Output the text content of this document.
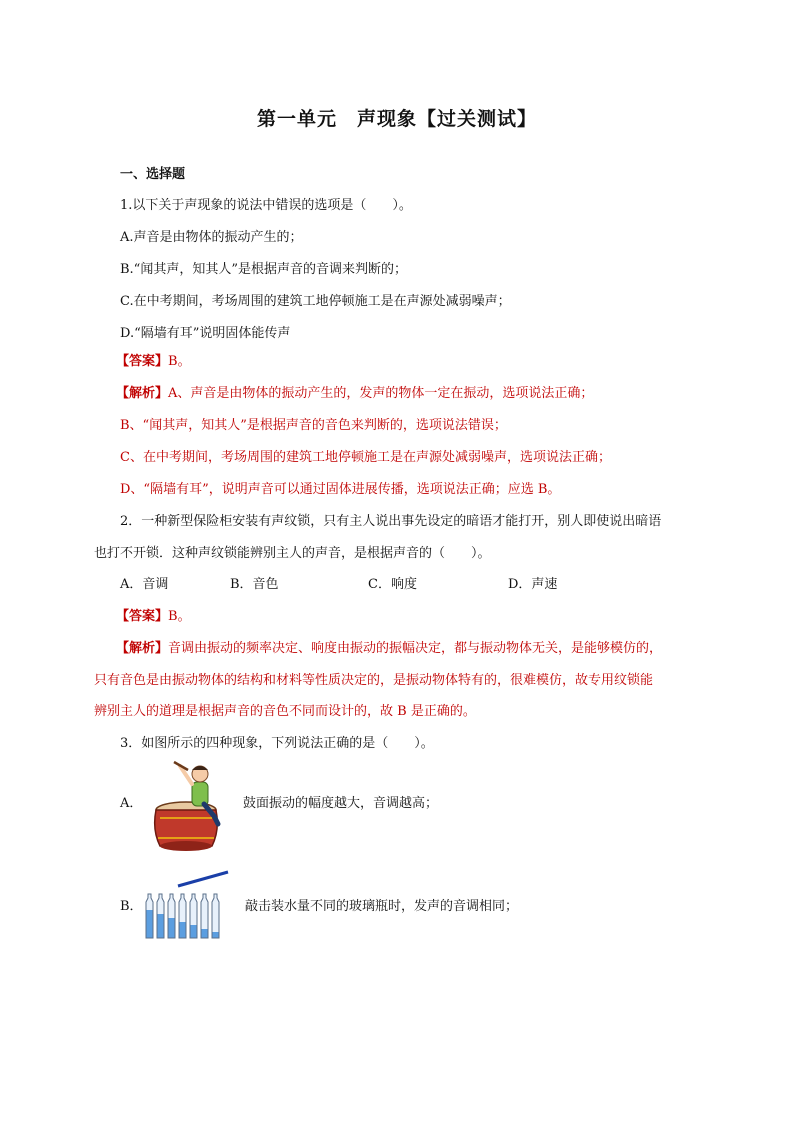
第一单元　声现象【过关测试】
一、选择题
1.以下关于声现象的说法中错误的选项是（　　）。
A.声音是由物体的振动产生的；
B.“闻其声，知其人”是根据声音的音调来判断的；
C.在中考期间，考场周围的建筑工地停顿施工是在声源处减弱噪声；
D.“隔墙有耳”说明固体能传声
【答案】B。
【解析】A、声音是由物体的振动产生的，发声的物体一定在振动，选项说法正确；
B、“闻其声，知其人”是根据声音的音色来判断的，选项说法错误；
C、在中考期间，考场周围的建筑工地停顿施工是在声源处减弱噪声，选项说法正确；
D、“隔墙有耳”，说明声音可以通过固体进展传播，选项说法正确；应选 B。
2．一种新型保险柜安装有声纹锁，只有主人说出事先设定的暗语才能打开，别人即使说出暗语
也打不开锁．这种声纹锁能辨别主人的声音，是根据声音的（　　）。
A．音调	B．音色	C．响度	D．声速
【答案】B。
【解析】音调由振动的频率决定、响度由振动的振幅决定，都与振动物体无关，是能够模仿的，
只有音色是由振动物体的结构和材料等性质决定的，是振动物体特有的，很难模仿，故专用纹锁能
辨别主人的道理是根据声音的音色不同而设计的，故 B 是正确的。
3．如图所示的四种现象，下列说法正确的是（　　）。
A．	鼓面振动的幅度越大，音调越高；
B．	敲击装水量不同的玻璃瓶时，发声的音调相同；
